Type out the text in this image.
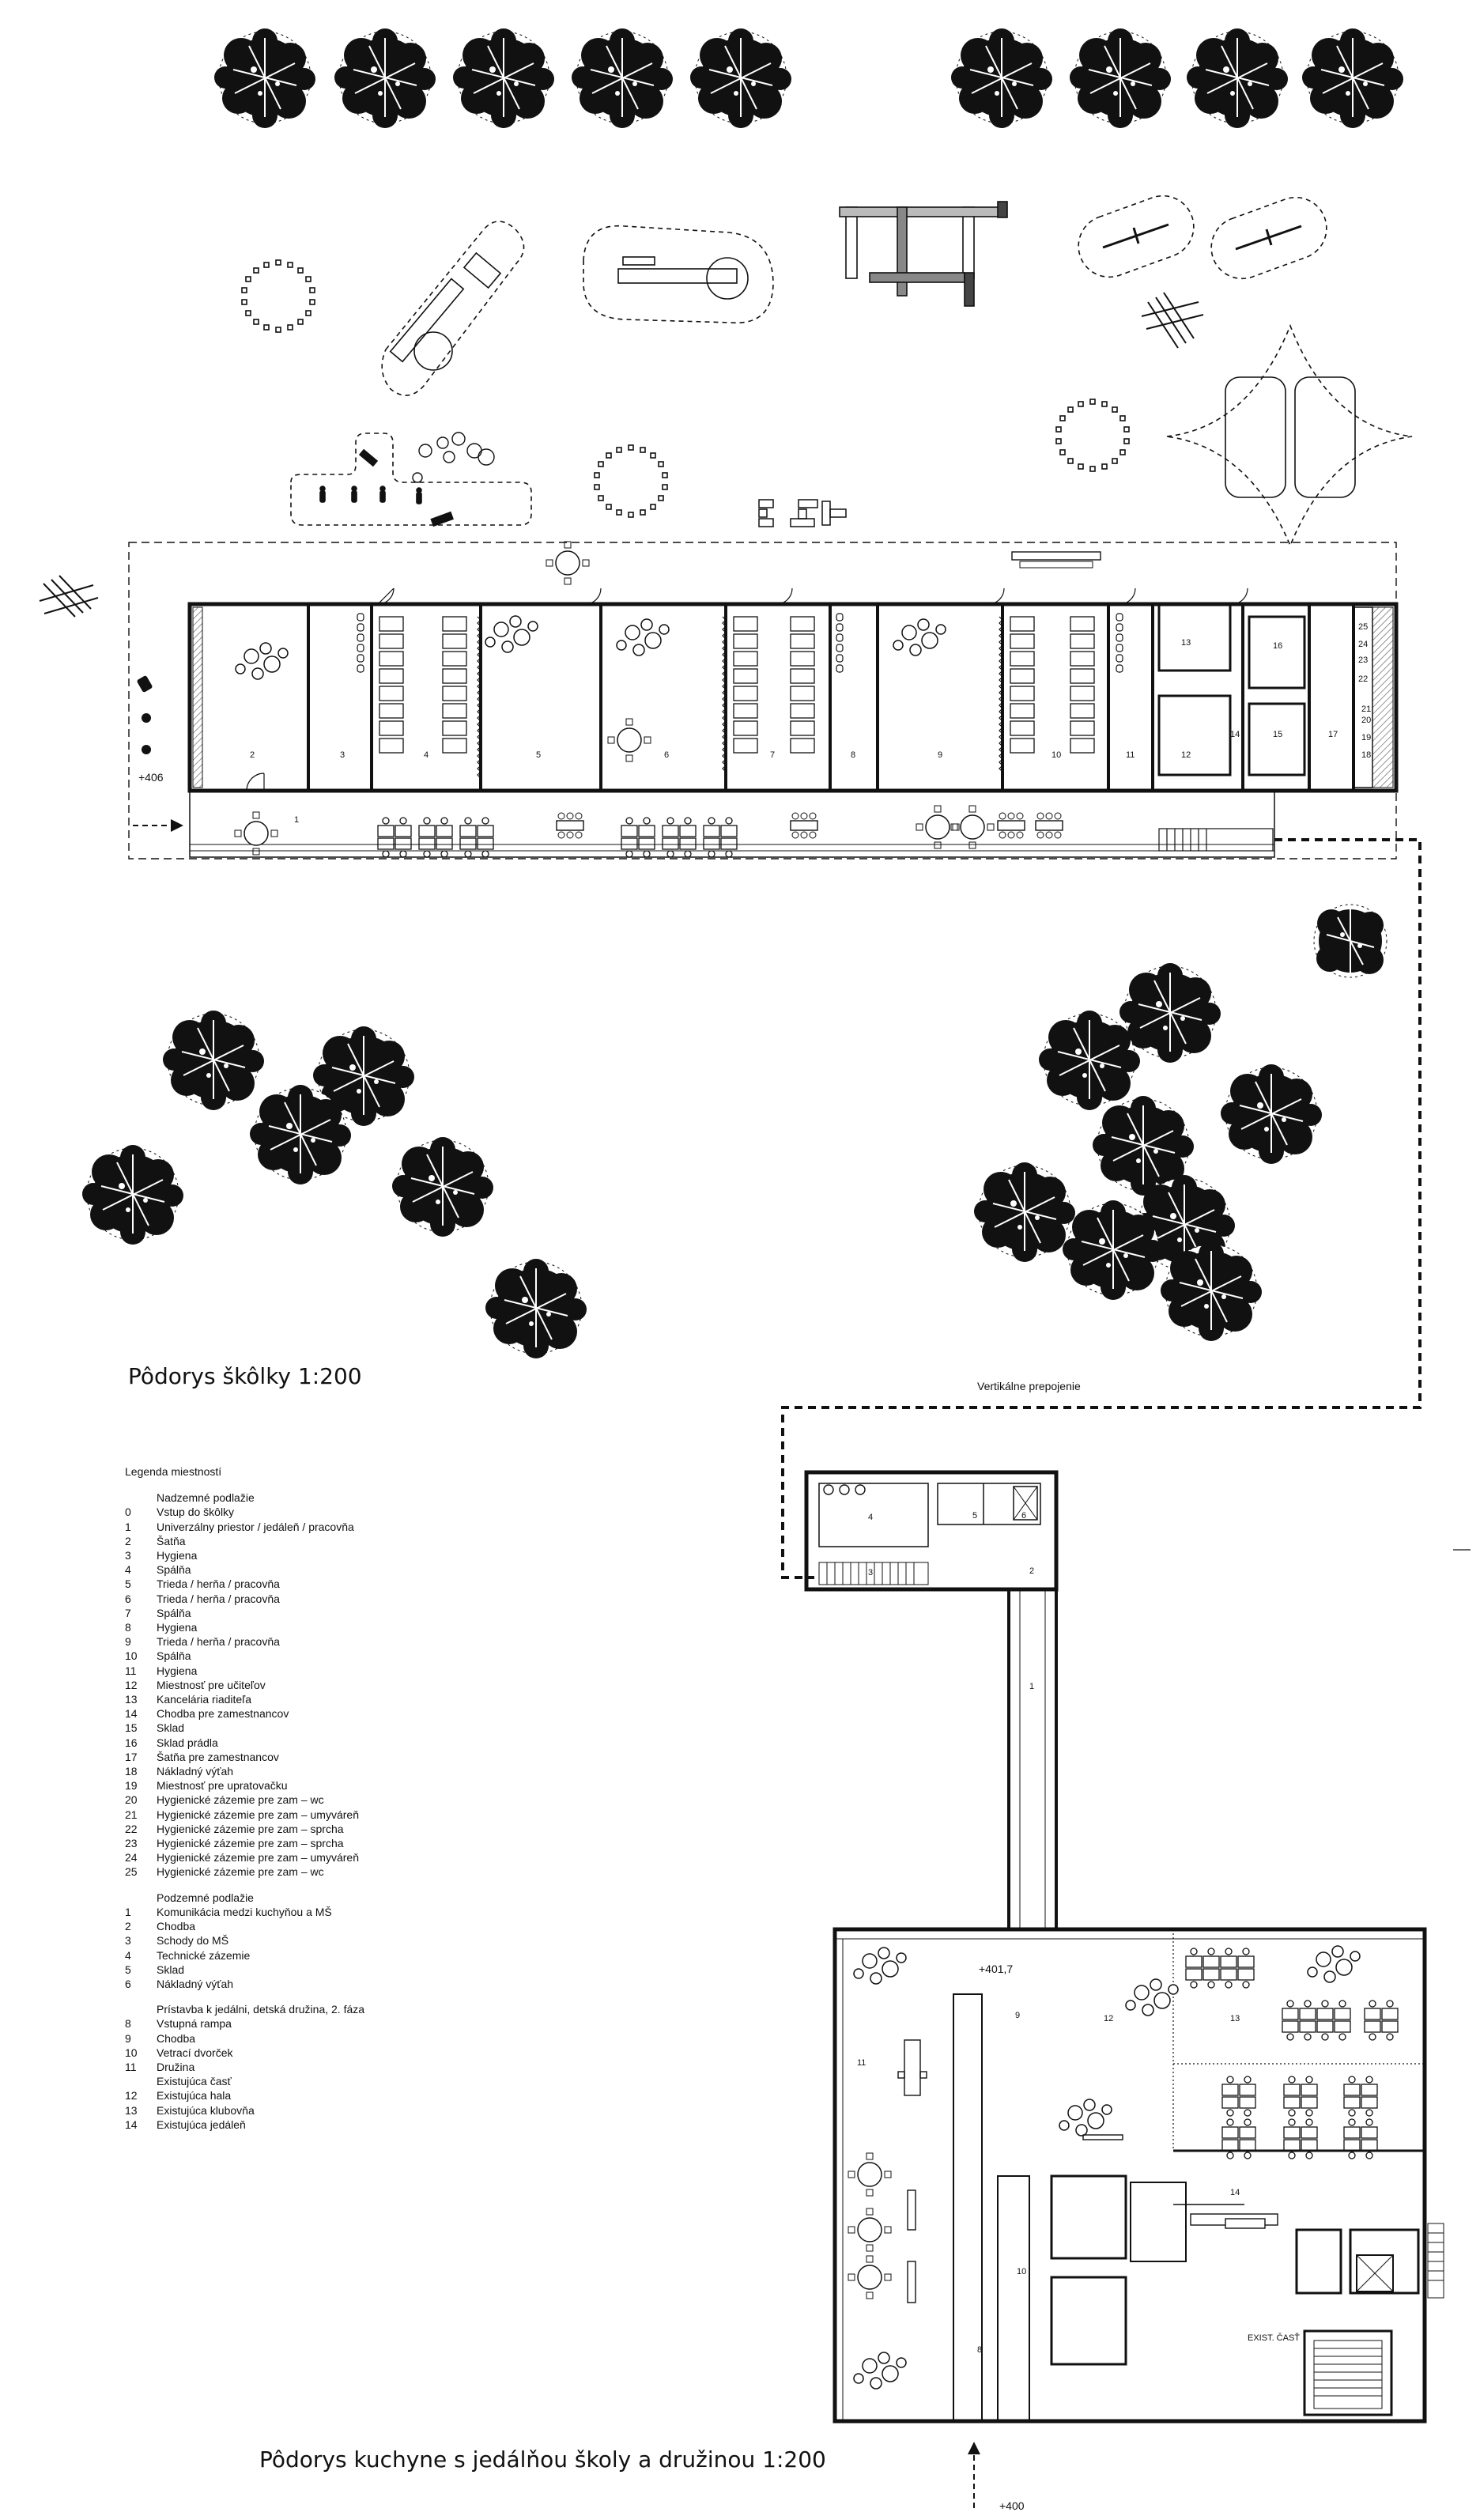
1
2	3	4	5	6	7	8	9	10	11	12
13
14	15
16
17
18
19
20
21
22
23
24
25
+406
Vertikálne prepojenie
1
2
3
4	5	6
8
9
10
11
12	13
14
+401,7
+400
EXIST. ČASŤ
Pôdorys škôlky 1:200
Pôdorys kuchyne s jedálňou školy a družinou 1:200
Legenda miestností
Nadzemné podlažie
0	Vstup do škôlky
1	Univerzálny priestor / jedáleň / pracovňa
2	Šatňa
3	Hygiena
4	Spálňa
5	Trieda / herňa / pracovňa
6	Trieda / herňa / pracovňa
7	Spálňa
8	Hygiena
9	Trieda / herňa / pracovňa
10	Spálňa
11	Hygiena
12	Miestnosť pre učiteľov
13	Kancelária riaditeľa
14	Chodba pre zamestnancov
15	Sklad
16	Sklad prádla
17	Šatňa pre zamestnancov
18	Nákladný výťah
19	Miestnosť pre upratovačku
20	Hygienické zázemie pre zam – wc
21	Hygienické zázemie pre zam – umyváreň
22	Hygienické zázemie pre zam – sprcha
23	Hygienické zázemie pre zam – sprcha
24	Hygienické zázemie pre zam – umyváreň
25	Hygienické zázemie pre zam – wc
Podzemné podlažie
1	Komunikácia medzi kuchyňou a MŠ
2	Chodba
3	Schody do MŠ
4	Technické zázemie
5	Sklad
6	Nákladný výťah
Prístavba k jedálni, detská družina, 2. fáza
8	Vstupná rampa
9	Chodba
10	Vetrací dvorček
11	Družina
Existujúca časť
12	Existujúca hala
13	Existujúca klubovňa
14	Existujúca jedáleň
